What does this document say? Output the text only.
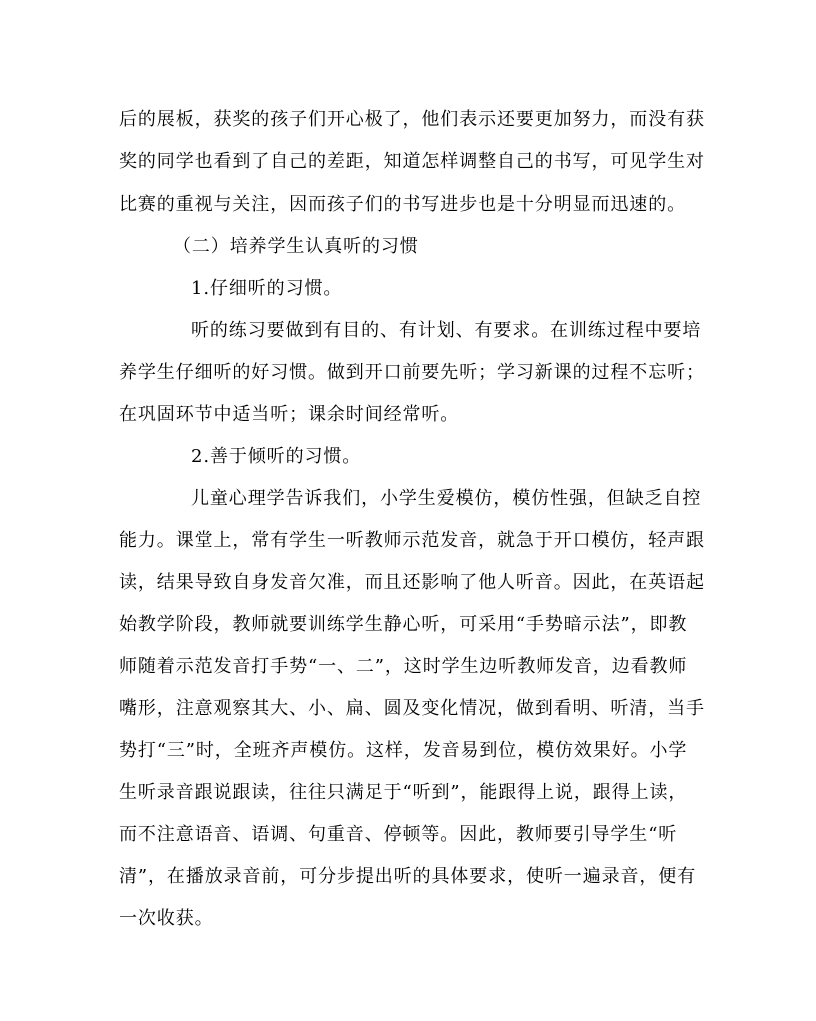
后的展板，获奖的孩子们开心极了，他们表示还要更加努力，而没有获
奖的同学也看到了自己的差距，知道怎样调整自己的书写，可见学生对
比赛的重视与关注，因而孩子们的书写进步也是十分明显而迅速的。
（二）培养学生认真听的习惯
1.仔细听的习惯。
听的练习要做到有目的、有计划、有要求。在训练过程中要培
养学生仔细听的好习惯。做到开口前要先听；学习新课的过程不忘听；
在巩固环节中适当听；课余时间经常听。
2.善于倾听的习惯。
儿童心理学告诉我们，小学生爱模仿，模仿性强，但缺乏自控
能力。课堂上，常有学生一听教师示范发音，就急于开口模仿，轻声跟
读，结果导致自身发音欠准，而且还影响了他人听音。因此，在英语起
始教学阶段，教师就要训练学生静心听，可采用“手势暗示法”，即教
师随着示范发音打手势“一、二”，这时学生边听教师发音，边看教师
嘴形，注意观察其大、小、扁、圆及变化情况，做到看明、听清，当手
势打“三”时，全班齐声模仿。这样，发音易到位，模仿效果好。小学
生听录音跟说跟读，往往只满足于“听到”，能跟得上说，跟得上读，
而不注意语音、语调、句重音、停顿等。因此，教师要引导学生“听
清”，在播放录音前，可分步提出听的具体要求，使听一遍录音，便有
一次收获。
